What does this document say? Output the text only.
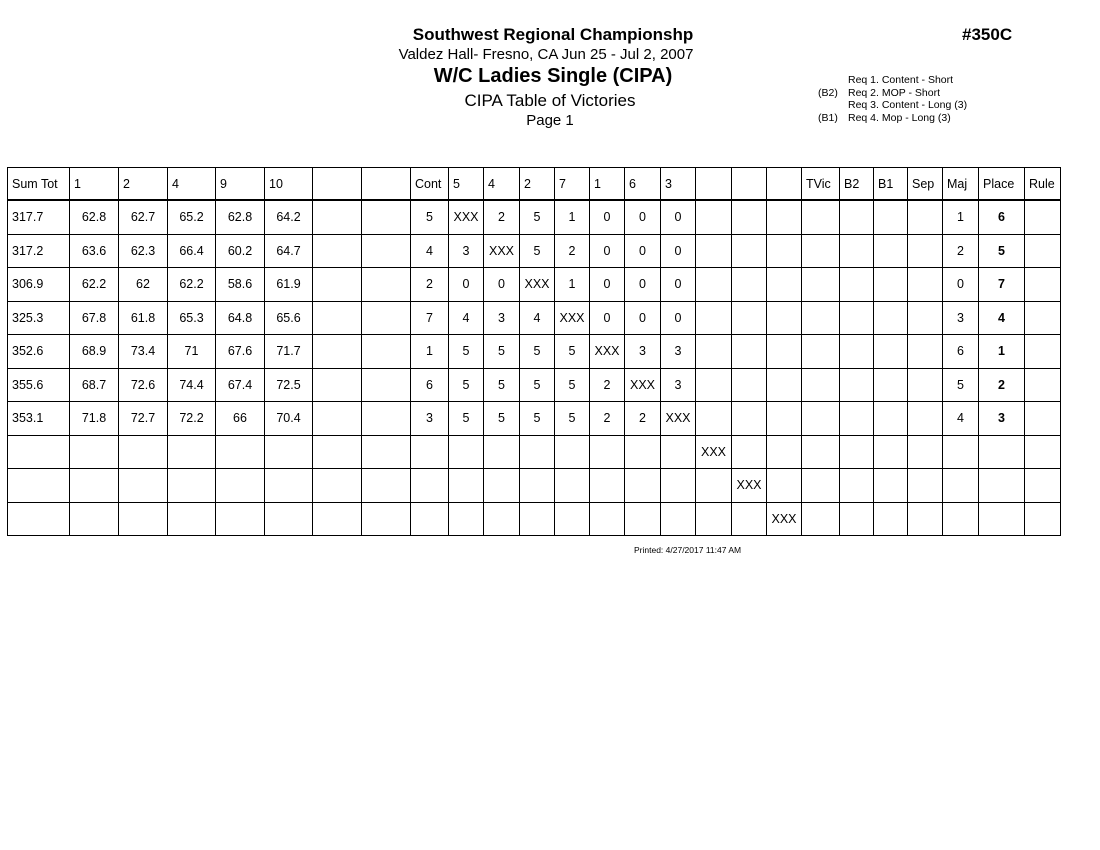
Southwest Regional Championshp
Valdez Hall- Fresno, CA Jun 25 - Jul 2, 2007
W/C Ladies Single (CIPA)
CIPA Table of Victories
Page 1
#350C
Req 1. Content - Short
(B2) Req 2. MOP - Short
Req 3. Content - Long (3)
(B1) Req 4. Mop - Long (3)
Sum Tot	1	2	4	9	10			Cont	5	4	2	7	1	6	3				TVic	B2	B1	Sep	Maj	Place	Rule
317.7	62.8	62.7	65.2	62.8	64.2			5	XXX	2	5	1	0	0	0								1	6	
317.2	63.6	62.3	66.4	60.2	64.7			4	3	XXX	5	2	0	0	0								2	5	
306.9	62.2	62	62.2	58.6	61.9			2	0	0	XXX	1	0	0	0								0	7	
325.3	67.8	61.8	65.3	64.8	65.6			7	4	3	4	XXX	0	0	0								3	4	
352.6	68.9	73.4	71	67.6	71.7			1	5	5	5	5	XXX	3	3								6	1	
355.6	68.7	72.6	74.4	67.4	72.5			6	5	5	5	5	2	XXX	3								5	2	
353.1	71.8	72.7	72.2	66	70.4			3	5	5	5	5	2	2	XXX								4	3	
																XXX									
																	XXX								
																		XXX							
Printed: 4/27/2017 11:47 AM
